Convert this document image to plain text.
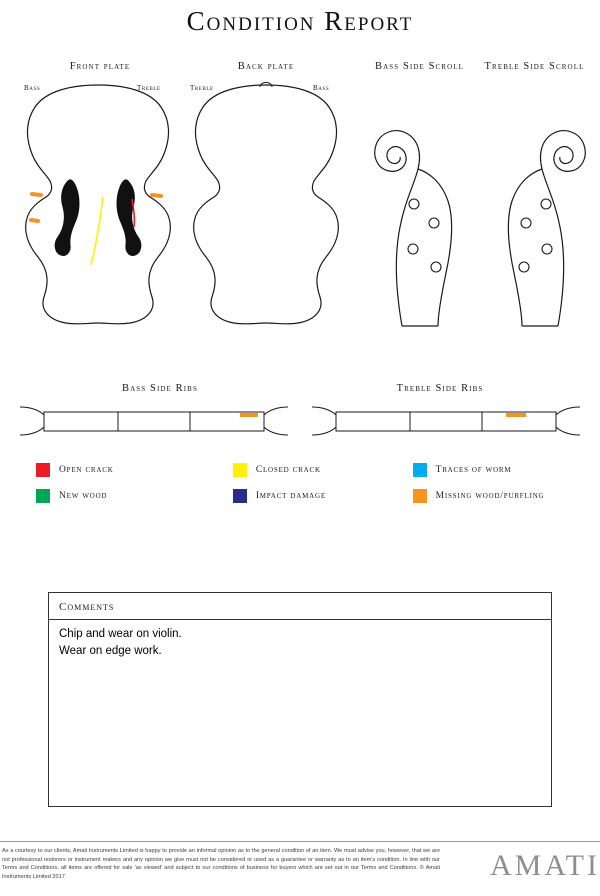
Condition Report
Front plate
Bass	Treble
Back plate
Treble	Bass
Bass Side Scroll	Treble Side Scroll
Bass Side Ribs	Treble Side Ribs
Open crack	Closed crack	Traces of worm
New wood	Impact damage	Missing wood/purfling
Comments
Chip and wear on violin.
Wear on edge work.
As a courtesy to our clients, Amati Instruments Limited is happy to provide an informal opinion as to the general condition of an item. We must advise you, however, that we are not professional restorers or instrument makers and any opinion we give must not be considered or used as a guarantee or warranty as to an item's condition. In line with our Terms and Conditions, all items are offered for sale 'as viewed' and subject to our conditions of business for buyers which are set out in our Terms and Conditions. © Amati Instruments Limited 2017	AMATI
